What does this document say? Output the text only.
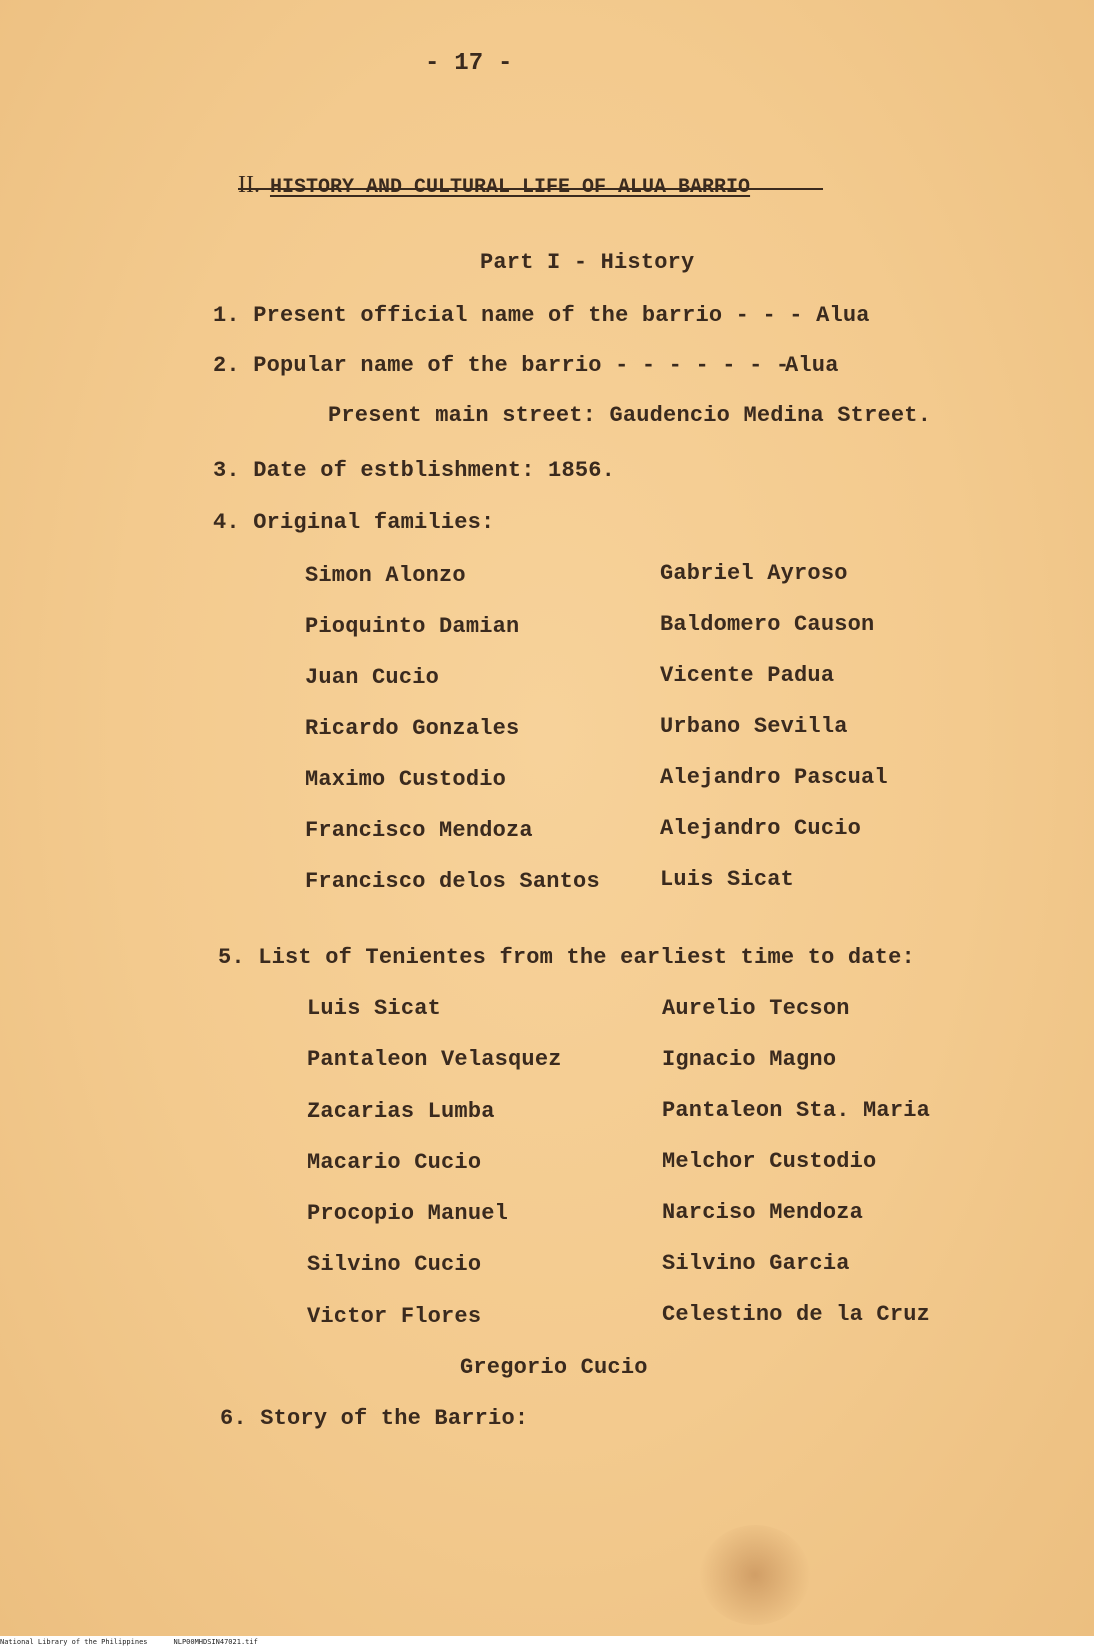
- 17 -

II. HISTORY AND CULTURAL LIFE OF ALUA BARRIO

Part I - History

1. Present official name of the barrio - - - Alua

2. Popular name of the barrio - - - - - - -

Alua

Present main street: Gaudencio Medina Street.

3. Date of estblishment: 1856.

4. Original families:

Simon Alonzo

Pioquinto Damian

Juan Cucio

Ricardo Gonzales

Maximo Custodio

Francisco Mendoza

Francisco delos Santos

Gabriel Ayroso

Baldomero Causon

Vicente Padua

Urbano Sevilla

Alejandro Pascual

Alejandro Cucio

Luis Sicat

5. List of Tenientes from the earliest time to date:

Luis Sicat

Pantaleon Velasquez

Zacarias Lumba

Macario Cucio

Procopio Manuel

Silvino Cucio

Victor Flores

Aurelio Tecson

Ignacio Magno

Pantaleon Sta. Maria

Melchor Custodio

Narciso Mendoza

Silvino Garcia

Celestino de la Cruz

Gregorio Cucio

6. Story of the Barrio:

National Library of the Philippines	NLP00MHDSIN47021.tif
